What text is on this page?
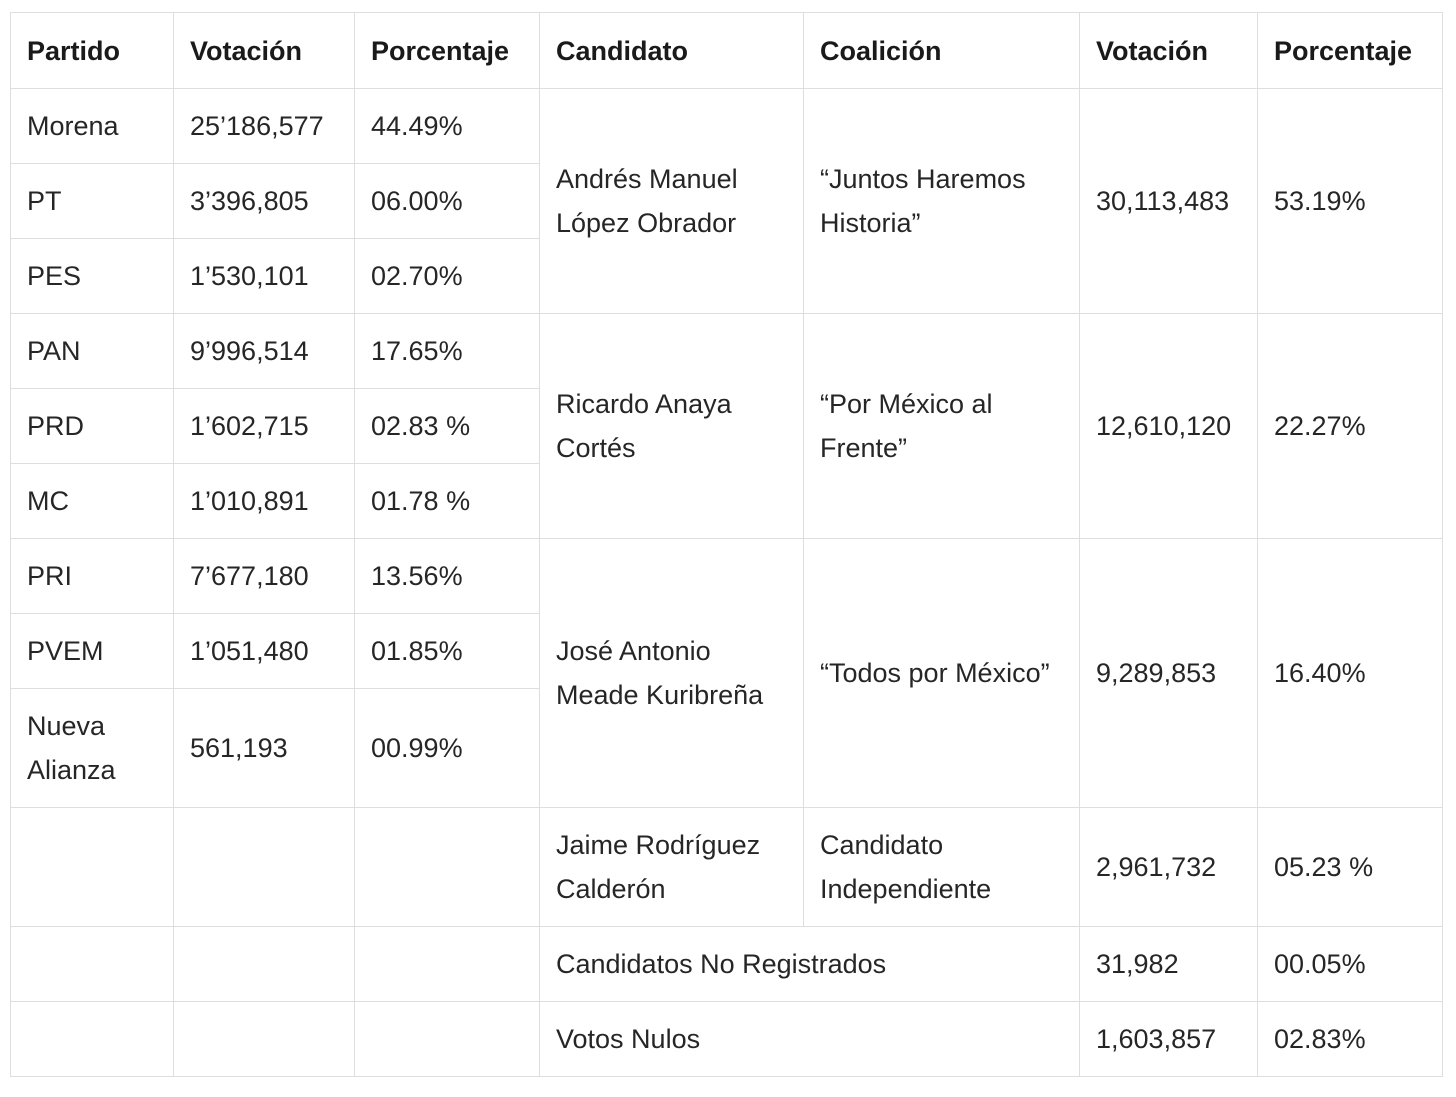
Partido	Votación	Porcentaje	Candidato	Coalición	Votación	Porcentaje
Morena	25’186,577	44.49%	Andrés Manuel López Obrador	“Juntos Haremos Historia”	30,113,483	53.19%
PT	3’396,805	06.00%				
PES	1’530,101	02.70%				
PAN	9’996,514	17.65%	Ricardo Anaya Cortés	“Por México al Frente”	12,610,120	22.27%
PRD	1’602,715	02.83 %				
MC	1’010,891	01.78 %				
PRI	7’677,180	13.56%	José Antonio Meade Kuribreña	“Todos por México”	9,289,853	16.40%
PVEM	1’051,480	01.85%				
Nueva Alianza	561,193	00.99%				
			Jaime Rodríguez Calderón	Candidato Independiente	2,961,732	05.23 %
			Candidatos No Registrados		31,982	00.05%
			Votos Nulos		1,603,857	02.83%
